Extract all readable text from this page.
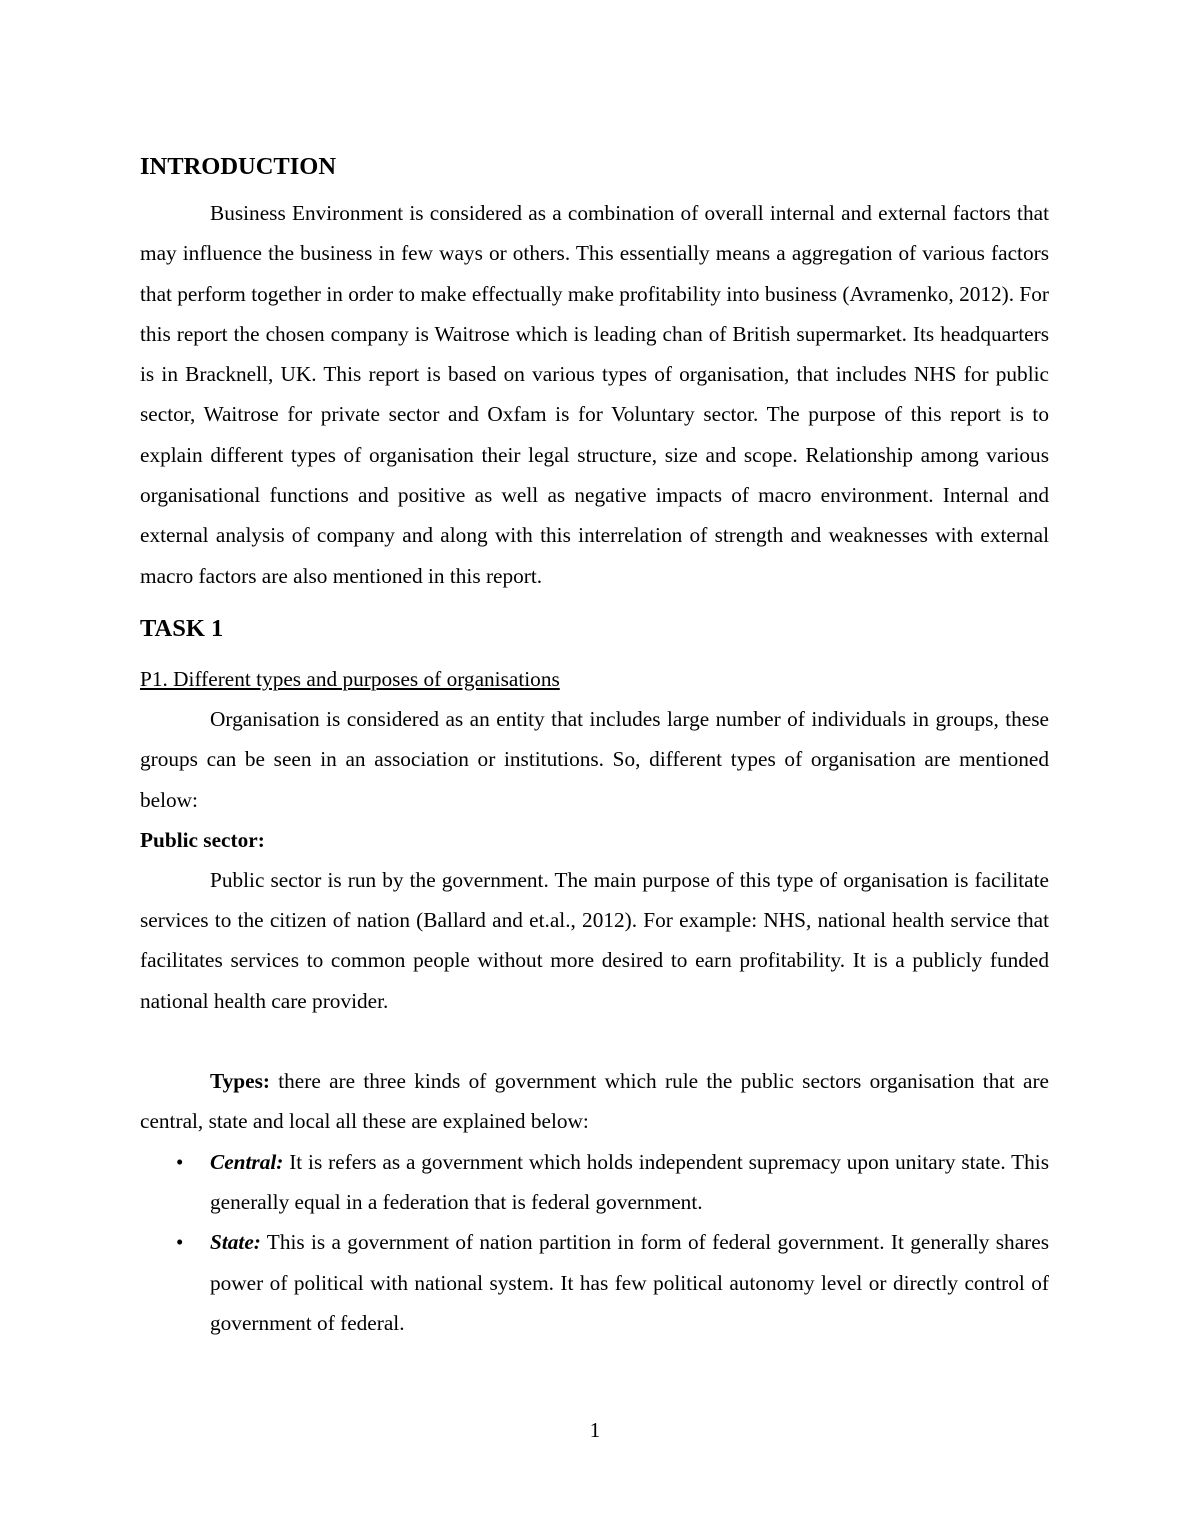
INTRODUCTION

Business Environment is considered as a combination of overall internal and external factors that may influence the business in few ways or others. This essentially means a aggregation of various factors that perform together in order to make effectually make profitability into business (Avramenko, 2012). For this report the chosen company is Waitrose which is leading chan of British supermarket. Its headquarters is in Bracknell, UK. This report is based on various types of organisation, that includes NHS for public sector, Waitrose for private sector and Oxfam is for Voluntary sector. The purpose of this report is to explain different types of organisation their legal structure, size and scope. Relationship among various organisational functions and positive as well as negative impacts of macro environment. Internal and external analysis of company and along with this interrelation of strength and weaknesses with external macro factors are also mentioned in this report.

TASK 1

P1. Different types and purposes of organisations

Organisation is considered as an entity that includes large number of individuals in groups, these groups can be seen in an association or institutions. So, different types of organisation are mentioned below:

Public sector:

Public sector is run by the government. The main purpose of this type of organisation is facilitate services to the citizen of nation (Ballard and et.al., 2012). For example: NHS, national health service that facilitates services to common people without more desired to earn profitability. It is a publicly funded national health care provider.

Types: there are three kinds of government which rule the public sectors organisation that are central, state and local all these are explained below:

• Central: It is refers as a government which holds independent supremacy upon unitary state. This generally equal in a federation that is federal government.
• State: This is a government of nation partition in form of federal government. It generally shares power of political with national system. It has few political autonomy level or directly control of government of federal.
1
